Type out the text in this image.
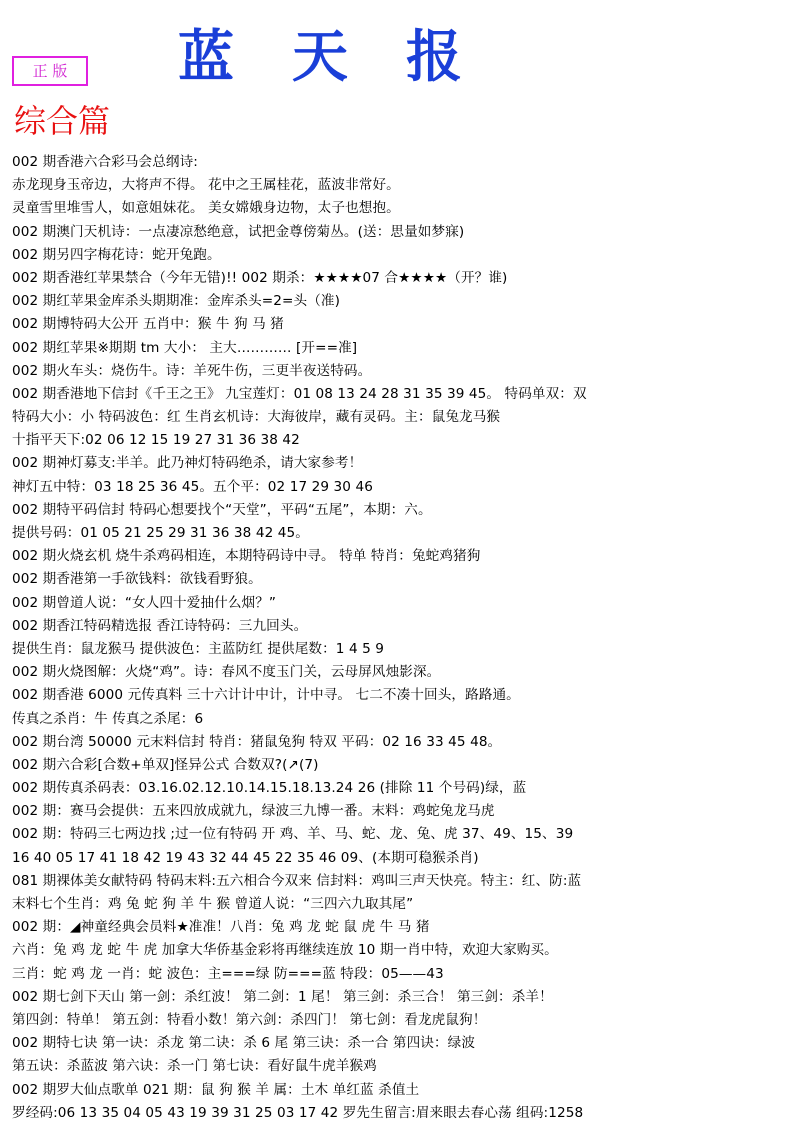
正 版	蓝天报
综合篇
002 期香港六合彩马会总纲诗:
赤龙现身玉帝边，大将声不得。 花中之王属桂花，蓝波非常好。
灵童雪里堆雪人，如意姐妹花。 美女嫦娥身边物，太子也想抱。
002 期澳门天机诗：一点凄凉愁绝意，试把金尊傍菊丛。(送：思量如梦寐)
002 期另四字梅花诗：蛇开兔跑。
002 期香港红苹果禁合（今年无错)!! 002 期杀：★★★★07 合★★★★（开？谁)
002 期红苹果金库杀头期期准：金库杀头=2=头（准)
002 期博特码大公开 五肖中：猴 牛 狗 马 猪
002 期红苹果※期期 tm 大小： 主大………… [开==准]
002 期火车头：烧伤牛。诗：羊死牛伤，三更半夜送特码。
002 期香港地下信封《千王之王》 九宝莲灯：01 08 13 24 28 31 35 39 45。 特码单双：双
特码大小：小 特码波色：红 生肖玄机诗：大海彼岸，藏有灵码。主：鼠兔龙马猴
十指平天下:02 06 12 15 19 27 31 36 38 42
002 期神灯募支:半羊。此乃神灯特码绝杀，请大家参考！
神灯五中特：03 18 25 36 45。五个平：02 17 29 30 46
002 期特平码信封 特码心想要找个“天堂”，平码“五尾”，本期：六。
提供号码：01 05 21 25 29 31 36 38 42 45。
002 期火烧玄机 烧牛杀鸡码相连，本期特码诗中寻。 特单 特肖：兔蛇鸡猪狗
002 期香港第一手欲钱料：欲钱看野狼。
002 期曾道人说：“女人四十爱抽什么烟？”
002 期香江特码精选报 香江诗特码：三九回头。
提供生肖：鼠龙猴马 提供波色：主蓝防红 提供尾数：1 4 5 9
002 期火烧图解：火烧“鸡”。诗：春风不度玉门关，云母屏风烛影深。
002 期香港 6000 元传真料 三十六计计中计，计中寻。 七二不凑十回头，路路通。
传真之杀肖：牛 传真之杀尾：6
002 期台湾 50000 元末料信封 特肖：猪鼠兔狗 特双 平码：02 16 33 45 48。
002 期六合彩[合数+单双]怪异公式 合数双?(↗(7)
002 期传真杀码表：03.16.02.12.10.14.15.18.13.24 26 (排除 11 个号码)绿，蓝
002 期：赛马会提供：五来四放成就九，绿波三九博一番。末料：鸡蛇兔龙马虎
002 期：特码三七两边找 ;过一位有特码 开 鸡、羊、马、蛇、龙、兔、虎 37、49、15、39
16 40 05 17 41 18 42 19 43 32 44 45 22 35 46 09、(本期可稳猴杀肖)
081 期裸体美女献特码 特码末料:五六相合今双来 信封料：鸡叫三声天快亮。特主：红、防:蓝
末料七个生肖：鸡 兔 蛇 狗 羊 牛 猴 曾道人说：“三四六九取其尾”
002 期：◢神童经典会员料★准准！八肖：兔 鸡 龙 蛇 鼠 虎 牛 马 猪
六肖：兔 鸡 龙 蛇 牛 虎 加拿大华侨基金彩将再继续连放 10 期一肖中特，欢迎大家购买。
三肖：蛇 鸡 龙 一肖：蛇 波色：主===绿 防===蓝 特段：05——43
002 期七剑下天山 第一剑：杀红波！ 第二剑：1 尾！ 第三剑：杀三合！ 第三剑：杀羊！
第四剑：特单！ 第五剑：特看小数！第六剑：杀四门！ 第七剑：看龙虎鼠狗！
002 期特七诀 第一诀：杀龙 第二诀：杀 6 尾 第三诀：杀一合 第四诀：绿波
第五诀：杀蓝波 第六诀：杀一门 第七诀：看好鼠牛虎羊猴鸡
002 期罗大仙点歌单 021 期：鼠 狗 猴 羊 属：土木 单红蓝 杀值土
罗经码:06 13 35 04 05 43 19 39 31 25 03 17 42 罗先生留言:眉来眼去春心荡 组码:1258
